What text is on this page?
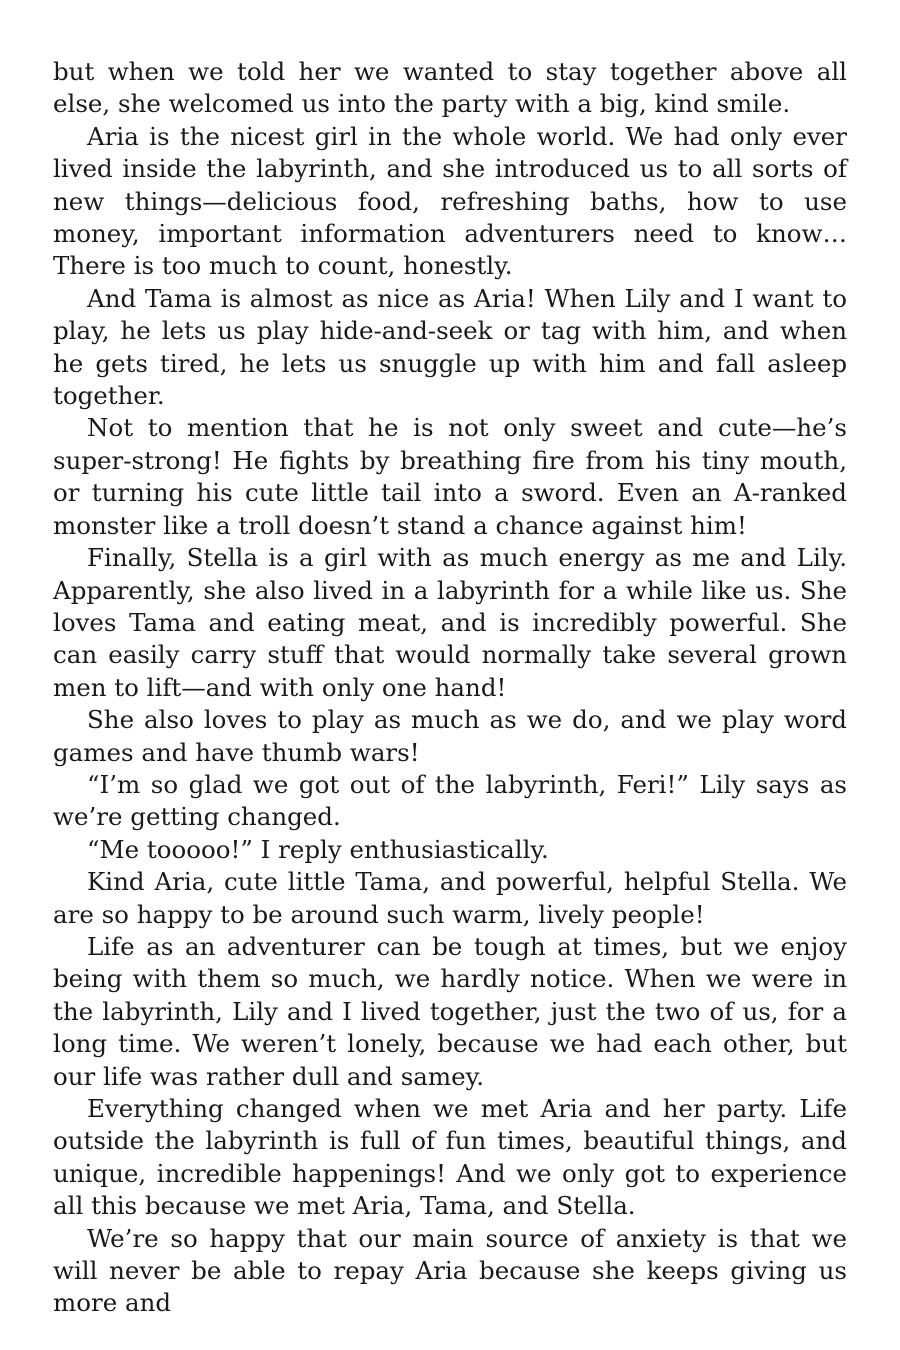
but when we told her we wanted to stay together above all else, she welcomed us into the party with a big, kind smile.

Aria is the nicest girl in the whole world. We had only ever lived inside the labyrinth, and she introduced us to all sorts of new things—delicious food, refreshing baths, how to use money, important information adventurers need to know… There is too much to count, honestly.

And Tama is almost as nice as Aria! When Lily and I want to play, he lets us play hide-and-seek or tag with him, and when he gets tired, he lets us snuggle up with him and fall asleep together.

Not to mention that he is not only sweet and cute—he’s super-strong! He fights by breathing fire from his tiny mouth, or turning his cute little tail into a sword. Even an A-ranked monster like a troll doesn’t stand a chance against him!

Finally, Stella is a girl with as much energy as me and Lily. Apparently, she also lived in a labyrinth for a while like us. She loves Tama and eating meat, and is incredibly powerful. She can easily carry stuff that would normally take several grown men to lift—and with only one hand!

She also loves to play as much as we do, and we play word games and have thumb wars!

“I’m so glad we got out of the labyrinth, Feri!” Lily says as we’re getting changed.

“Me tooooo!” I reply enthusiastically.

Kind Aria, cute little Tama, and powerful, helpful Stella. We are so happy to be around such warm, lively people!

Life as an adventurer can be tough at times, but we enjoy being with them so much, we hardly notice. When we were in the labyrinth, Lily and I lived together, just the two of us, for a long time. We weren’t lonely, because we had each other, but our life was rather dull and samey.

Everything changed when we met Aria and her party. Life outside the labyrinth is full of fun times, beautiful things, and unique, incredible happenings! And we only got to experience all this because we met Aria, Tama, and Stella.

We’re so happy that our main source of anxiety is that we will never be able to repay Aria because she keeps giving us more and
